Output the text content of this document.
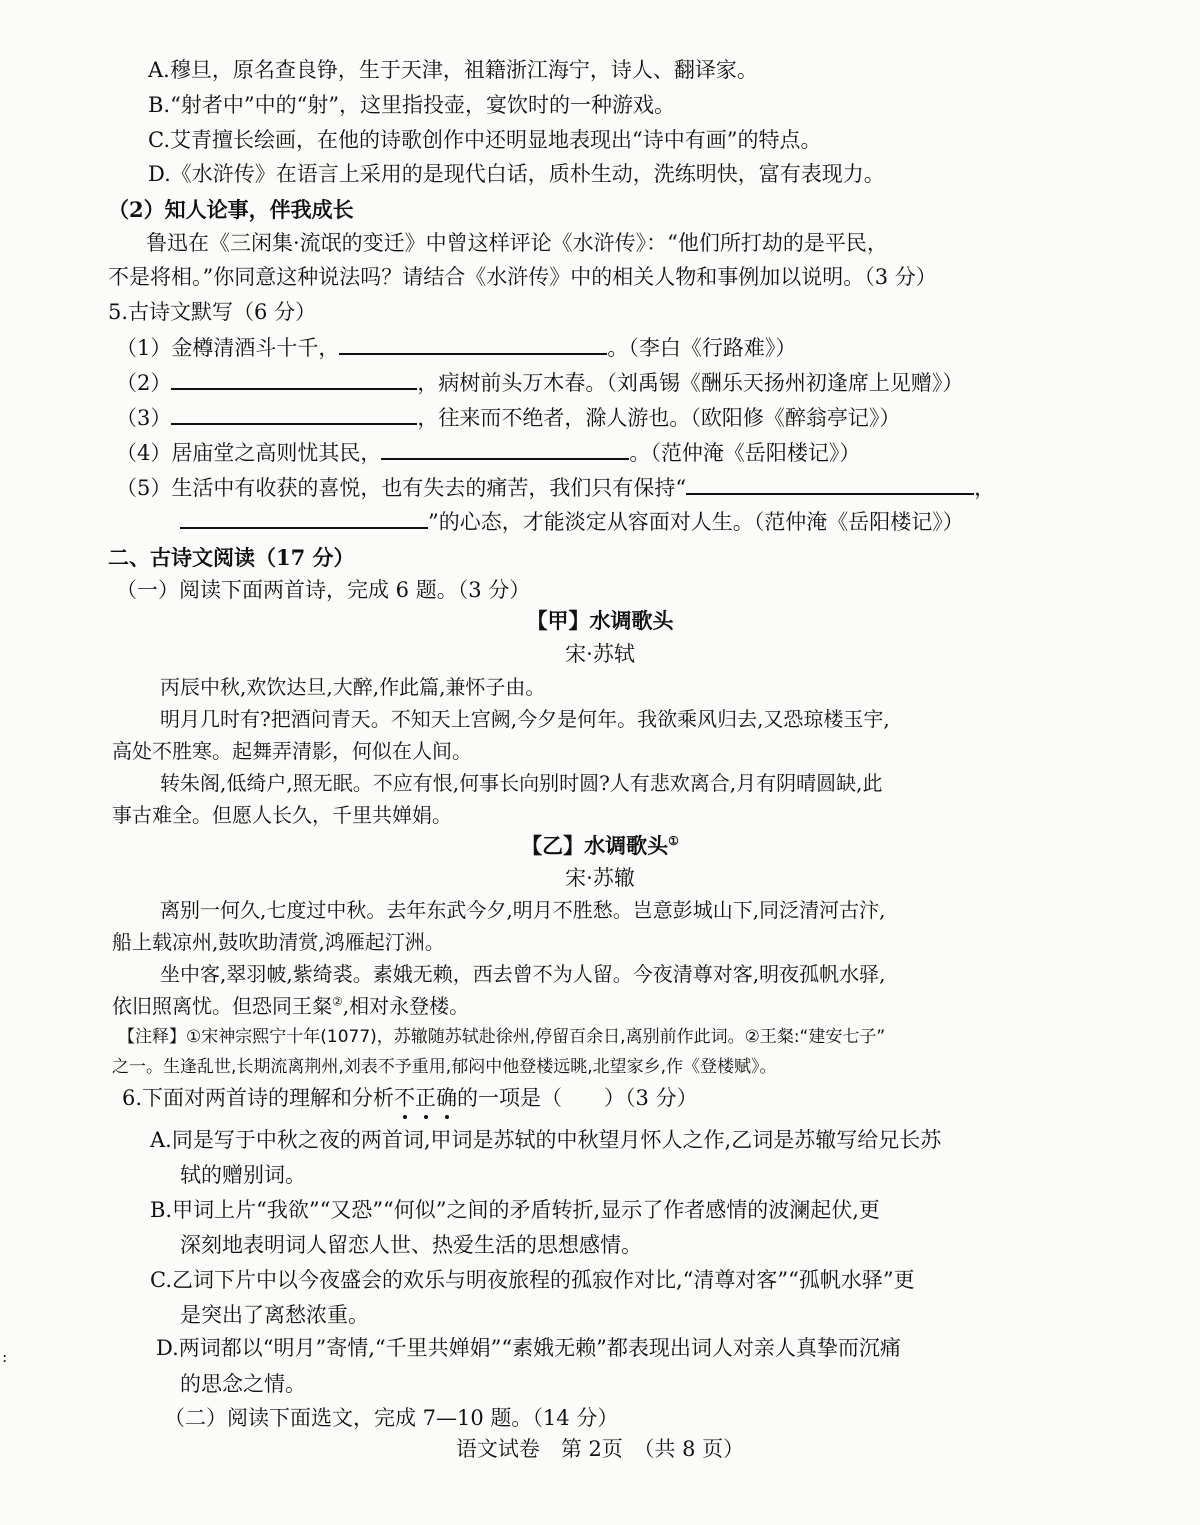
A.穆旦，原名查良铮，生于天津，祖籍浙江海宁，诗人、翻译家。
B.“射者中”中的“射”，这里指投壶，宴饮时的一种游戏。
C.艾青擅长绘画，在他的诗歌创作中还明显地表现出“诗中有画”的特点。
D.《水浒传》在语言上采用的是现代白话，质朴生动，洗练明快，富有表现力。
（2）知人论事，伴我成长
鲁迅在《三闲集·流氓的变迁》中曾这样评论《水浒传》：“他们所打劫的是平民，
不是将相。”你同意这种说法吗？请结合《水浒传》中的相关人物和事例加以说明。（3 分）
5.古诗文默写（6 分）
（1）金樽清酒斗十千，	。（李白《行路难》）
（2）	，病树前头万木春。（刘禹锡《酬乐天扬州初逢席上见赠》）
（3）	，往来而不绝者，滁人游也。（欧阳修《醉翁亭记》）
（4）居庙堂之高则忧其民，	。（范仲淹《岳阳楼记》）
（5）生活中有收获的喜悦，也有失去的痛苦，我们只有保持“	，
”的心态，才能淡定从容面对人生。（范仲淹《岳阳楼记》）
二、古诗文阅读（17 分）
（一）阅读下面两首诗，完成 6 题。（3 分）
【甲】水调歌头
宋·苏轼
丙辰中秋,欢饮达旦,大醉,作此篇,兼怀子由。
明月几时有?把酒问青天。不知天上宫阙,今夕是何年。我欲乘风归去,又恐琼楼玉宇,
高处不胜寒。起舞弄清影，何似在人间。
转朱阁,低绮户,照无眠。不应有恨,何事长向别时圆?人有悲欢离合,月有阴晴圆缺,此
事古难全。但愿人长久，千里共婵娟。
【乙】水调歌头①
宋·苏辙
离别一何久,七度过中秋。去年东武今夕,明月不胜愁。岂意彭城山下,同泛清河古汴,
船上载凉州,鼓吹助清赏,鸿雁起汀洲。
坐中客,翠羽帔,紫绮裘。素娥无赖，西去曾不为人留。今夜清尊对客,明夜孤帆水驿,
依旧照离忧。但恐同王粲②,相对永登楼。
【注释】①宋神宗熙宁十年(1077)，苏辙随苏轼赴徐州,停留百余日,离别前作此词。②王粲:“建安七子”
之一。生逢乱世,长期流离荆州,刘表不予重用,郁闷中他登楼远眺,北望家乡,作《登楼赋》。
6.下面对两首诗的理解和分析不正确的一项是（　　）（3 分）
A.同是写于中秋之夜的两首词,甲词是苏轼的中秋望月怀人之作,乙词是苏辙写给兄长苏
轼的赠别词。
B.甲词上片“我欲”“又恐”“何似”之间的矛盾转折,显示了作者感情的波澜起伏,更
深刻地表明词人留恋人世、热爱生活的思想感情。
C.乙词下片中以今夜盛会的欢乐与明夜旅程的孤寂作对比,“清尊对客”“孤帆水驿”更
是突出了离愁浓重。
D.两词都以“明月”寄情,“千里共婵娟”“素娥无赖”都表现出词人对亲人真挚而沉痛
的思念之情。
（二）阅读下面选文，完成 7—10 题。（14 分）
语文试卷　第 2页　（共 8 页）
:
